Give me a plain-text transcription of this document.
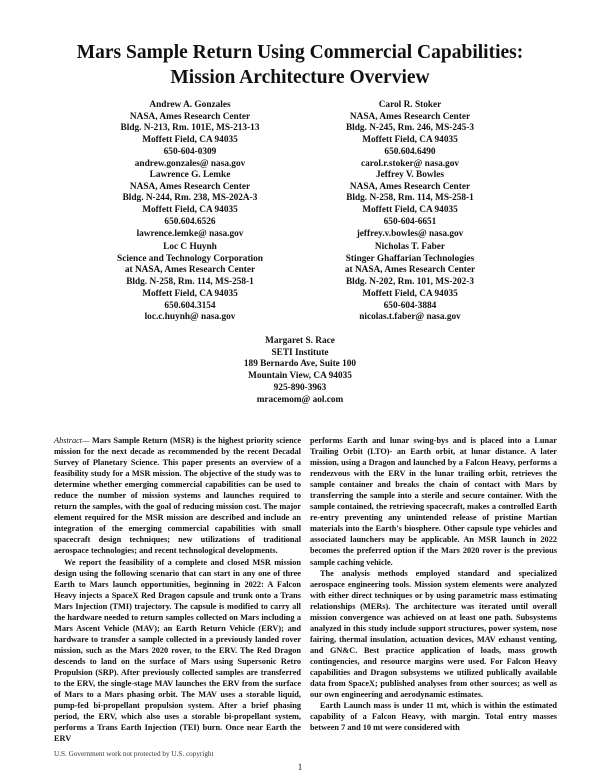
Mars Sample Return Using Commercial Capabilities:
Mission Architecture Overview
Andrew A. Gonzales
NASA, Ames Research Center
Bldg. N-213, Rm. 101E, MS-213-13
Moffett Field, CA 94035
650-604-0309
andrew.gonzales@ nasa.gov
Carol R. Stoker
NASA, Ames Research Center
Bldg. N-245, Rm. 246, MS-245-3
Moffett Field, CA 94035
650.604.6490
carol.r.stoker@ nasa.gov
Lawrence G. Lemke
NASA, Ames Research Center
Bldg. N-244, Rm. 238, MS-202A-3
Moffett Field, CA 94035
650.604.6526
lawrence.lemke@ nasa.gov
Jeffrey V. Bowles
NASA, Ames Research Center
Bldg. N-258, Rm. 114, MS-258-1
Moffett Field, CA 94035
650-604-6651
jeffrey.v.bowles@ nasa.gov
Loc C Huynh
Science and Technology Corporation
at NASA, Ames Research Center
Bldg. N-258, Rm. 114, MS-258-1
Moffett Field, CA 94035
650.604.3154
loc.c.huynh@ nasa.gov
Nicholas T. Faber
Stinger Ghaffarian Technologies
at NASA, Ames Research Center
Bldg. N-202, Rm. 101, MS-202-3
Moffett Field, CA 94035
650-604-3884
nicolas.t.faber@ nasa.gov
Margaret S. Race
SETI Institute
189 Bernardo Ave, Suite 100
Mountain View, CA 94035
925-890-3963
mracemom@ aol.com

Abstract— Mars Sample Return (MSR) is the highest priority science mission for the next decade as recommended by the recent Decadal Survey of Planetary Science. This paper presents an overview of a feasibility study for a MSR mission. The objective of the study was to determine whether emerging commercial capabilities can be used to reduce the number of mission systems and launches required to return the samples, with the goal of reducing mission cost. The major element required for the MSR mission are described and include an integration of the emerging commercial capabilities with small spacecraft design techniques; new utilizations of traditional aerospace technologies; and recent technological developments.

We report the feasibility of a complete and closed MSR mission design using the following scenario that can start in any one of three Earth to Mars launch opportunities, beginning in 2022: A Falcon Heavy injects a SpaceX Red Dragon capsule and trunk onto a Trans Mars Injection (TMI) trajectory. The capsule is modified to carry all the hardware needed to return samples collected on Mars including a Mars Ascent Vehicle (MAV); an Earth Return Vehicle (ERV); and hardware to transfer a sample collected in a previously landed rover mission, such as the Mars 2020 rover, to the ERV. The Red Dragon descends to land on the surface of Mars using Supersonic Retro Propulsion (SRP). After previously collected samples are transferred to the ERV, the single-stage MAV launches the ERV from the surface of Mars to a Mars phasing orbit. The MAV uses a storable liquid, pump-fed bi-propellant propulsion system. After a brief phasing period, the ERV, which also uses a storable bi-propellant system, performs a Trans Earth Injection (TEI) burn. Once near Earth the ERV

performs Earth and lunar swing-bys and is placed into a Lunar Trailing Orbit (LTO)- an Earth orbit, at lunar distance. A later mission, using a Dragon and launched by a Falcon Heavy, performs a rendezvous with the ERV in the lunar trailing orbit, retrieves the sample container and breaks the chain of contact with Mars by transferring the sample into a sterile and secure container. With the sample contained, the retrieving spacecraft, makes a controlled Earth re-entry preventing any unintended release of pristine Martian materials into the Earth's biosphere. Other capsule type vehicles and associated launchers may be applicable. An MSR launch in 2022 becomes the preferred option if the Mars 2020 rover is the previous sample caching vehicle.

The analysis methods employed standard and specialized aerospace engineering tools. Mission system elements were analyzed with either direct techniques or by using parametric mass estimating relationships (MERs). The architecture was iterated until overall mission convergence was achieved on at least one path. Subsystems analyzed in this study include support structures, power system, nose fairing, thermal insulation, actuation devices, MAV exhaust venting, and GN&C. Best practice application of loads, mass growth contingencies, and resource margins were used. For Falcon Heavy capabilities and Dragon subsystems we utilized publically available data from SpaceX; published analyses from other sources; as well as our own engineering and aerodynamic estimates.

Earth Launch mass is under 11 mt, which is within the estimated capability of a Falcon Heavy, with margin. Total entry masses between 7 and 10 mt were considered with

U.S. Government work not protected by U.S. copyright
1
